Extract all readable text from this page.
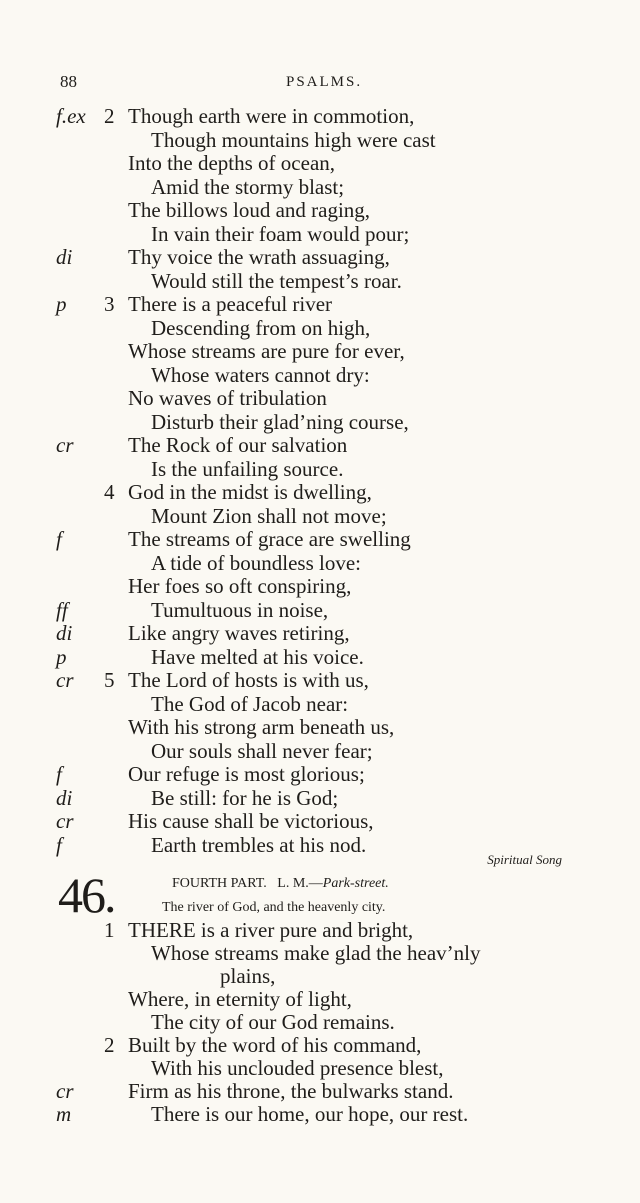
88	PSALMS.
f.ex 2 Though earth were in commotion,
Though mountains high were cast
Into the depths of ocean,
Amid the stormy blast;
The billows loud and raging,
In vain their foam would pour;
di	Thy voice the wrath assuaging,
Would still the tempest’s roar.
p	3 There is a peaceful river
Descending from on high,
Whose streams are pure for ever,
Whose waters cannot dry:
No waves of tribulation
Disturb their glad’ning course,
cr	The Rock of our salvation
Is the unfailing source.
4 God in the midst is dwelling,
Mount Zion shall not move;
f	The streams of grace are swelling
A tide of boundless love:
Her foes so oft conspiring,
ff	Tumultuous in noise,
di	Like angry waves retiring,
p	Have melted at his voice.
cr	5 The Lord of hosts is with us,
The God of Jacob near:
With his strong arm beneath us,
Our souls shall never fear;
f	Our refuge is most glorious;
di	Be still: for he is God;
cr	His cause shall be victorious,
f	Earth trembles at his nod.
Spiritual Song
46.	FOURTH PART. L. M.—Park-street.
The river of God, and the heavenly city.
1 THERE is a river pure and bright,
Whose streams make glad the heav’nly
plains,
Where, in eternity of light,
The city of our God remains.
2 Built by the word of his command,
With his unclouded presence blest,
cr	Firm as his throne, the bulwarks stand.
m	There is our home, our hope, our rest.
